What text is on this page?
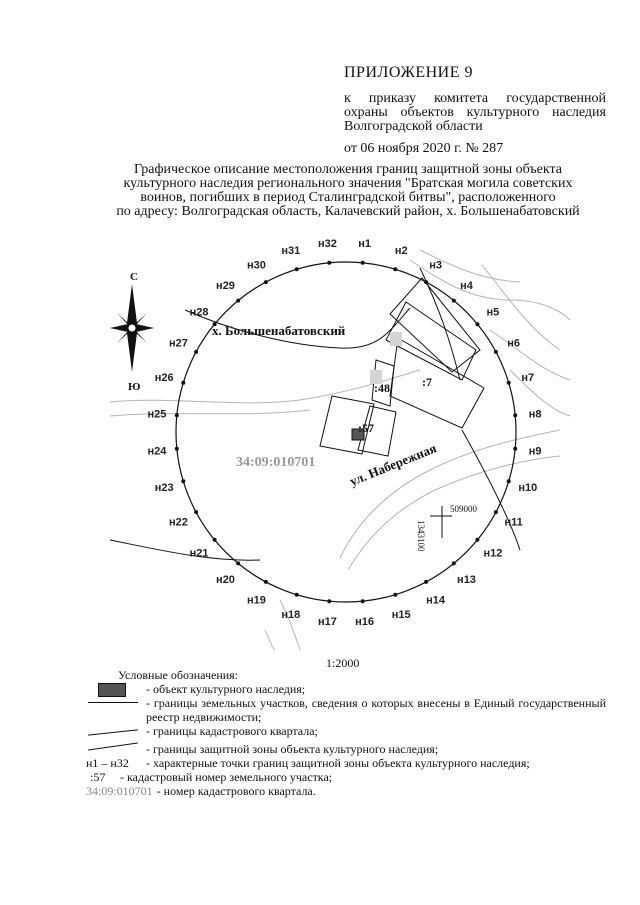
ПРИЛОЖЕНИЕ 9
к приказу комитета государственной охраны объектов культурного наследия Волгоградской области
от 06 ноября 2020 г. № 287
Графическое описание местоположения границ защитной зоны объекта
культурного наследия регионального значения "Братская могила советских
воинов, погибших в период Сталинградской битвы", расположенного
по адресу: Волгоградская область, Калачевский район, х. Большенабатовский
н1
н2
н3
н4
н5
н6
н7
н8
н9
н10
н11
н12
н13
н14
н15
н16
н17
н18
н19
н20
н21
н22
н23
н24
н25
н26
н27
н28
н29
н30
н31
н32
х. Большенабатовский
ул. Набережная
34:09:010701
:48	:7
:57
509000
1343100
С
Ю
1:2000
Условные обозначения:
- объект культурного наследия;
- границы земельных участков, сведения о которых внесены в Единый государственный реестр недвижимости;
- границы кадастрового квартала;
- границы защитной зоны объекта культурного наследия;
н1 – н32	- характерные точки границ защитной зоны объекта культурного наследия;
:57	- кадастровый номер земельного участка;
34:09:010701 - номер кадастрового квартала.
